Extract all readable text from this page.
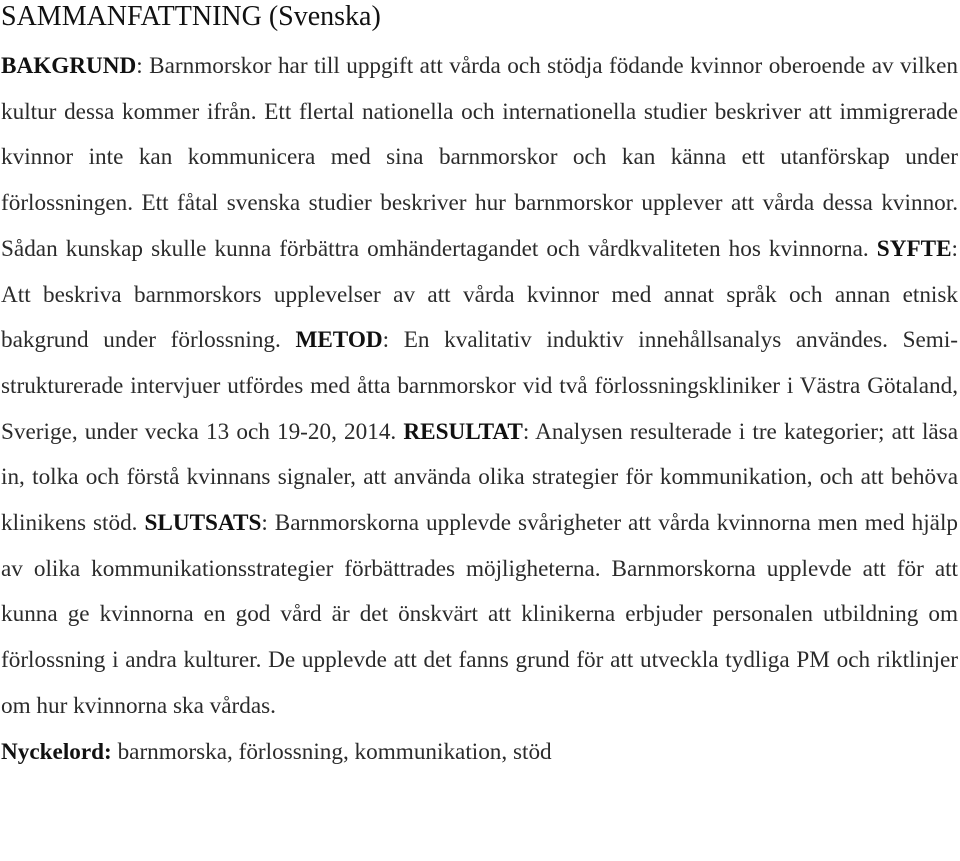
SAMMANFATTNING (Svenska)

BAKGRUND: Barnmorskor har till uppgift att vårda och stödja födande kvinnor oberoende av vilken kultur dessa kommer ifrån. Ett flertal nationella och internationella studier beskriver att immigrerade kvinnor inte kan kommunicera med sina barnmorskor och kan känna ett utanförskap under förlossningen. Ett fåtal svenska studier beskriver hur barnmorskor upplever att vårda dessa kvinnor. Sådan kunskap skulle kunna förbättra omhändertagandet och vårdkvaliteten hos kvinnorna. SYFTE: Att beskriva barnmorskors upplevelser av att vårda kvinnor med annat språk och annan etnisk bakgrund under förlossning. METOD: En kvalitativ induktiv innehållsanalys användes. Semi-strukturerade intervjuer utfördes med åtta barnmorskor vid två förlossningskliniker i Västra Götaland, Sverige, under vecka 13 och 19-20, 2014. RESULTAT: Analysen resulterade i tre kategorier; att läsa in, tolka och förstå kvinnans signaler, att använda olika strategier för kommunikation, och att behöva klinikens stöd. SLUTSATS: Barnmorskorna upplevde svårigheter att vårda kvinnorna men med hjälp av olika kommunikationsstrategier förbättrades möjligheterna. Barnmorskorna upplevde att för att kunna ge kvinnorna en god vård är det önskvärt att klinikerna erbjuder personalen utbildning om förlossning i andra kulturer. De upplevde att det fanns grund för att utveckla tydliga PM och riktlinjer om hur kvinnorna ska vårdas.

Nyckelord: barnmorska, förlossning, kommunikation, stöd
